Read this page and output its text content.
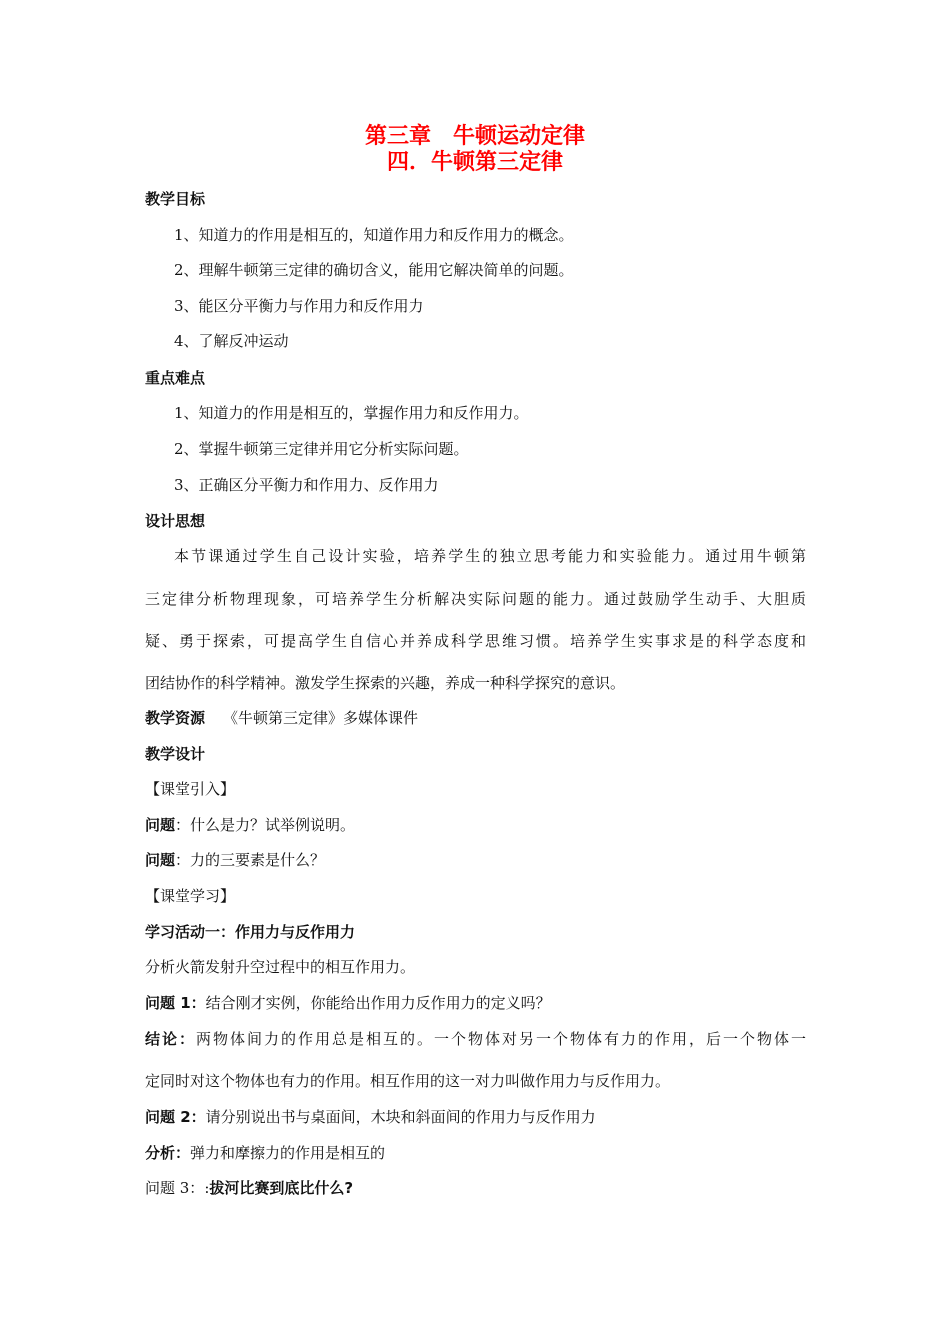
第三章　牛顿运动定律
四．牛顿第三定律
教学目标
1、知道力的作用是相互的，知道作用力和反作用力的概念。
2、理解牛顿第三定律的确切含义，能用它解决简单的问题。
3、能区分平衡力与作用力和反作用力
4、了解反冲运动
重点难点
1、知道力的作用是相互的，掌握作用力和反作用力。
2、掌握牛顿第三定律并用它分析实际问题。
3、正确区分平衡力和作用力、反作用力
设计思想
本节课通过学生自己设计实验，培养学生的独立思考能力和实验能力。通过用牛顿第
三定律分析物理现象，可培养学生分析解决实际问题的能力。通过鼓励学生动手、大胆质
疑、勇于探索，可提高学生自信心并养成科学思维习惯。培养学生实事求是的科学态度和
团结协作的科学精神。激发学生探索的兴趣，养成一种科学探究的意识。
教学资源 《牛顿第三定律》多媒体课件
教学设计
【课堂引入】
问题：什么是力？试举例说明。
问题：力的三要素是什么？
【课堂学习】
学习活动一：作用力与反作用力
分析火箭发射升空过程中的相互作用力。
问题 1：结合刚才实例，你能给出作用力反作用力的定义吗？
结论：两物体间力的作用总是相互的。一个物体对另一个物体有力的作用，后一个物体一
定同时对这个物体也有力的作用。相互作用的这一对力叫做作用力与反作用力。
问题 2：请分别说出书与桌面间，木块和斜面间的作用力与反作用力
分析：弹力和摩擦力的作用是相互的
问题 3：:拔河比赛到底比什么?
